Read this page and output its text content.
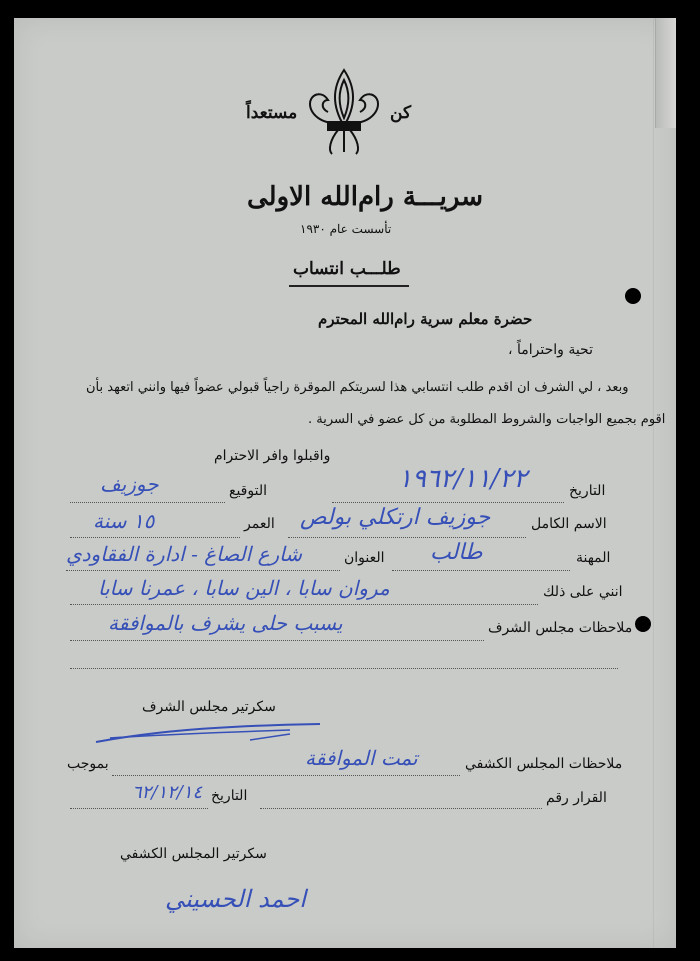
كن
مستعداً
سريـــة رام‌الله الاولى
تأسست عام ١٩٣٠
طلـــب انتساب
حضرة معلم سرية رام‌الله المحترم
تحية واحتراماً ،
وبعد ، لي الشرف ان اقدم طلب انتسابي هذا لسريتكم الموقرة راجياً قبولي عضواً فيها وانني اتعهد بأن
اقوم بجميع الواجبات والشروط المطلوبة من كل عضو في السرية .
واقبلوا وافر الاحترام
التاريخ
١٩٦٢/١١/٢٢
التوقيع
جوزيف
الاسم الكامل
جوزيف ارتكلي بولص
العمر
١٥ سنة
المهنة
طالب
العنوان
شارع الصاغ - ادارة الفقاودي
انني على ذلك
مروان سابا ، الين سابا ، عمرنا سابا
ملاحظات مجلس الشرف
يسبب حلى يشرف بالموافقة
سكرتير مجلس الشرف
ملاحظات المجلس الكشفي
تمت الموافقة
بموجب
القرار رقم
التاريخ
٦٢/١٢/١٤
سكرتير المجلس الكشفي
احمد الحسيني
